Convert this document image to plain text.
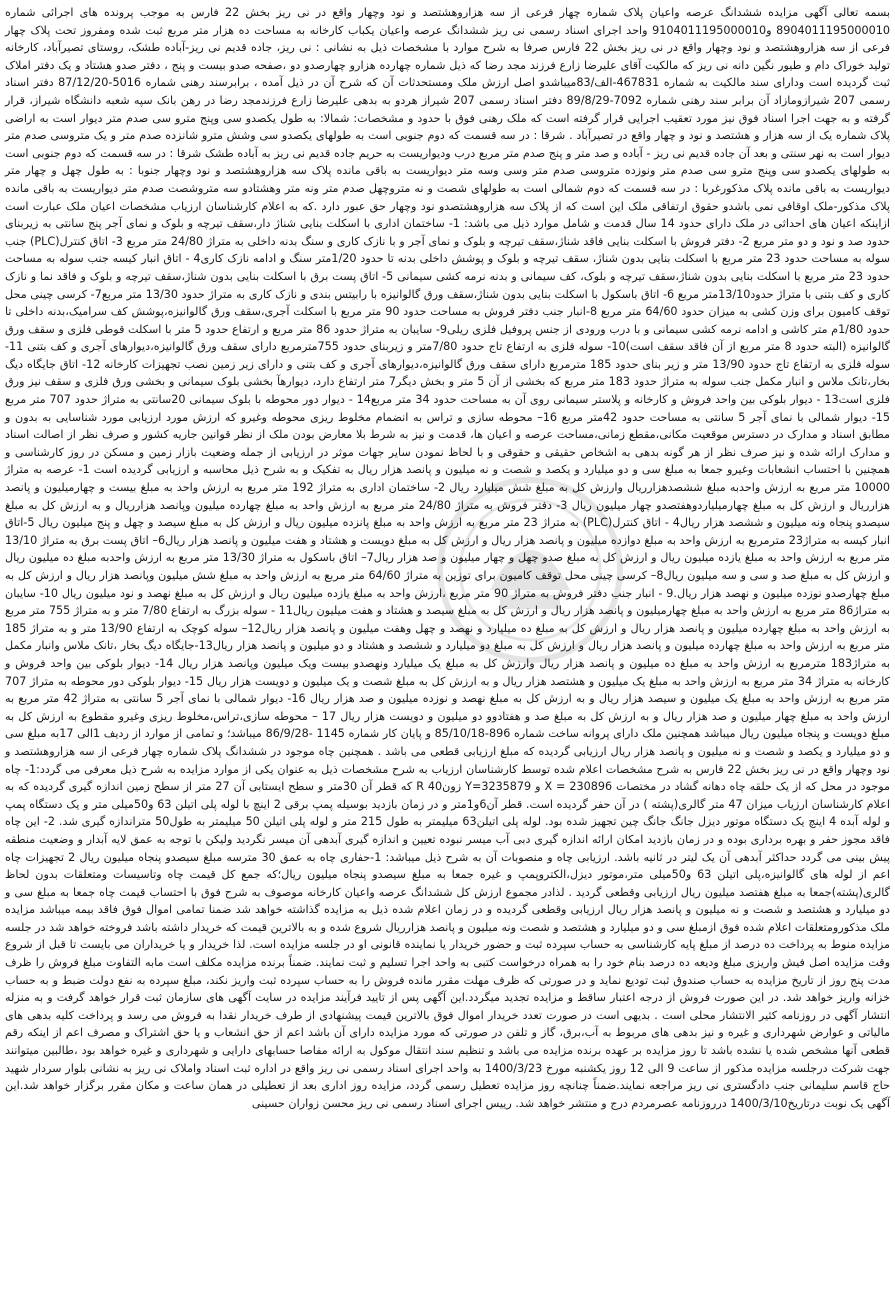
بسمه تعالی آگهی مزایده ششدانگ عرصه واعیان پلاک شماره چهار فرعی از سه هزاروهشتصد و نود وچهار واقع در نی ریز بخش 22 فارس به موجب پرونده های اجرائی شماره 8904011195000010 و9104011195000010 واحد اجرای اسناد رسمی نی ریز ششدانگ عرصه واعیان یکباب کارخانه به مساحت ده هزار متر مربع ثبت شده ومفروز تحت پلاک چهار فرعی از سه هزاروهشتصد و نود وچهار واقع در نی ریز بخش 22 فارس صرفا به شرح موارد با مشخصات ذیل به نشانی : نی ریز، جاده قدیم نی ریز-آباده طشک، روستای تصیرآباد، کارخانه تولید خوراک دام و طیور نگین دانه نی ریز که مالکیت آقای علیرضا زارع فرزند مجد رضا که ذیل شماره چهارده هزارو چهارصدو دو ،صفحه صدو بیست و پنج ، دفتر صدو هشتاد و یک دفتر املاک ثبت گردیده است ودارای سند مالکیت به شماره 467831-الف/83میباشدو اصل ارزش ملک ومستحدثات آن که شرح آن در ذیل آمده ، برابرسند رهنی شماره 5016-87/12/20 دفتر اسناد رسمی 207 شیرازومازاد آن برابر سند رهنی شماره 7092-89/8/29 دفتر اسناد رسمی 207 شیراز هردو به بدهی علیرضا زارع فرزندمجد رضا در رهن بانک سپه شعبه دانشگاه شیراز، قرار گرفته و به جهت اجرا اسناد فوق نیز مورد تعقیب اجرایی قرار گرفته است که ملک رهنی فوق با حدود و مشخصات: شمالا: به طول یکصدو سی وپنج مترو سی صدم متر دیوار است به اراضی پلاک شماره یک از سه هزار و هشتصد و نود و چهار واقع در تصیرآباد . شرقا : در سه قسمت که دوم جنوبی است به طولهای یکصدو سی وشش مترو شانزده صدم متر و یک متروسی صدم متر دیوار است به نهر سنتی و بعد آن جاده قدیم نی ریز - آباده و صد متر و پنج صدم متر مربع درب ودیواریست به حریم جاده قدیم نی ریز به آباده طشک شرقا : در سه قسمت که دوم جنوبی است به طولهای یکصدو سی وپنج مترو سی صدم متر ونوزده متروسی صدم متر وسی وسه متر دیواریست به باقی مانده پلاک سه هزاروهشتصد و نود وچهار جنوبا : به طول چهل و چهار متر دیواریست به باقی مانده پلاک مذکورغربا : در سه قسمت که دوم شمالی است به طولهای شصت و نه متروچهل صدم متر ونه متر وهشتادو سه متروشصت صدم متر دیواریست به باقی مانده پلاک مذکور-ملک اوقافی نمی باشدو حقوق ارتفاقی ملک این است که از پلاک سه هزاروهشتصدو نود وچهار حق عبور دارد .که به اعلام کارشناسان ارزیاب مشخصات اعیان ملک عبارت است ازاینکه اعیان های احداثی در ملک دارای حدود 14 سال قدمت و شامل موارد ذیل می باشد: 1- ساختمان اداری با اسکلت بنایی شناژ دار،سقف تیرچه و بلوک و نمای آجر پنج سانتی به زیربنای حدود صد و نود و دو متر مربع 2- دفتر فروش با اسکلت بنایی فاقد شناژ،سقف تیرچه و بلوک و نمای آجر و با نازک کاری و سنگ بدنه داخلی به متراژ 24/80 متر مربع 3- اتاق کنترل(PLC) جنب سوله به مساحت حدود 23 متر مربع با اسکلت بنایی بدون شناژ، سقف تیرچه و بلوک و پوشش داخلی بدنه تا حدود 1/20متر سنگ و ادامه نازک کاری4 - اتاق انبار کیسه جنب سوله به مساحت حدود 23 متر مربع با اسکلت بنایی بدون شناژ،سقف تیرچه و بلوک، کف سیمانی و بدنه نرمه کشی سیمانی 5- اتاق پست برق با اسکلت بنایی بدون شناژ،سقف تیرچه و بلوک و فاقد نما و نازک کاری و کف بتنی با متراژ حدود13/10متر مربع 6- اتاق باسکول با اسکلت بنایی بدون شناژ،سقف ورق گالوانیزه با رابیتس بندی و نازک کاری به متراژ حدود 13/30 متر مربع7- کرسی چینی محل توقف کامیون برای وزن کشی به میزان حدود 64/60 متر مربع 8-انبار جنب دفتر فروش به مساحت حدود 90 متر مربع با اسکلت آجری،سقف ورق گالوانیزه،پوشش کف سرامیک،بدنه داخلی تا حدود 1/80م متر کاشی و ادامه نرمه کشی سیمانی و با درب ورودی از جنس پروفیل فلزی ریلی9- سایبان به متراژ حدود 86 متر مربع و ارتفاع حدود 5 متر با اسکلت قوطی فلزی و سقف ورق گالوانیزه (البته حدود 8 متر مربع از آن فاقد سقف است)10- سوله فلزی به ارتفاع تاج حدود 7/80متر و زیربنای حدود 755مترمربع دارای سقف ورق گالوانیزه،دیوارهای آجری و کف بتنی 11- سوله فلزی به ارتفاع تاج حدود 13/90 متر و زیر بنای حدود 185 مترمربع دارای سقف ورق گالوانیزه،دیوارهای آجری و کف بتنی و دارای زیر زمین نصب تجهیزات کارخانه 12- اتاق جایگاه دیگ بخار،تانک ملاس و انبار مکمل جنب سوله به متراژ حدود 183 متر مربع که بخشی از آن 5 متر و بخش دیگر7 متر ارتفاع دارد، دیوارهآ بخشی بلوک سیمانی و بخشی ورق فلزی و سقف نیز ورق فلزی است13 - دیوار بلوکی بین واحد فروش و کارخانه و پلاستر سیمانی روی آن به مساحت حدود 34 متر مربع14 - دیوار دور محوطه با بلوک سیمانی 20سانتی به متراژ حدود 707 متر مربع 15- دیوار شمالی با نمای آجر 5 سانتی به مساحت حدود 42متر مربع 16– محوطه سازی و تراس به انضمام مخلوط ریزی محوطه وغیرو که ارزش مورد ارزیابی مورد شناسایی به بدون و مطابق اسناد و مدارک در دسترس موقعیت مکانی،مقطع زمانی،مساحت عرصه و اعیان ها، قدمت و نیز به شرط بلا معارض بودن ملک از نظر قوانین جاریه کشور و صرف نظر از اصالت اسناد و مدارک ارائه شده و نیز صرف نظر از هر گونه بدهی به اشخاص حقیقی و حقوقی و با لحاظ نمودن سایر جهات موثر در ارزیابی از جمله وضعیت بازار زمین و مسکن در روز کارشناسی و همچنین با احتساب انشعابات وغیرو جمعا به مبلغ سی و دو میلیارد و یکصد و شصت و نه میلیون و پانصد هزار ریال به تفکیک و به شرح ذیل محاسبه و ارزیابی گردیده است 1- عرصه به متراژ 10000 متر مربع به ارزش واحدبه مبلغ ششصدهزارریال وارزش کل به مبلغ شش میلیارد ریال 2- ساختمان اداری به متراژ 192 متر مربع به ارزش واحد به مبلغ بیست و چهارمیلیون و پانصد هزارریال و ارزش کل به مبلغ چهارمیلیاردوهفتصدو چهار میلیون ریال 3- دفتر فروش به متراژ 24/80 متر مربع به ارزش واحد به مبلغ چهارده میلیون وپانصد هزارریال و به ارزش کل به مبلغ سیصدو پنجاه ونه میلیون و ششصد هزار ریال4 - اتاق کنترل(PLC) به متراژ 23 متر مربع به ارزش واحد به مبلغ پانزده میلیون ریال و ارزش کل به مبلغ سیصد و چهل و پنج میلیون ریال 5-اتاق انبار کیسه به متراژ23 مترمربع به ارزش واحد به مبلغ دوازده میلیون و پانصد هزار ریال و ارزش کل به مبلغ دویست و هشتاد و هفت میلیون و پانصد هزار ریال6– اتاق پست برق به متراژ 13/10 متر مربع به ارزش واحد به مبلغ یازده میلیون ریال و ارزش کل به مبلغ صدو چهل و چهار میلیون و صد هزار ریال7– اتاق باسکول به متراژ 13/30 متر مربع به ارزش واحدبه مبلغ ده میلیون ریال و ارزش کل به مبلغ صد و سی و سه میلیون ریال8– کرسی چینی محل توقف کامیون برای توزین به متراژ 64/60 متر مربع به ارزش واحد به مبلغ شش میلیون وپانصد هزار ریال و ارزش کل به مبلغ چهارصدو نوزده میلیون و نهصد هزار ریال.9 - انبار جنب دفتر فروش به متراژ 90 متر مربع ،ارزش واحد به مبلغ یازده میلیون ریال و ارزش کل به مبلغ نهصد و نود میلیون ریال 10- سایبان به متراژ86 متر مربع به ارزش واحد به مبلغ چهارمیلیون و پانصد هزار ریال و ارزش کل به مبلغ سیصد و هشتاد و هفت میلیون ریال11 - سوله بزرگ به ارتفاع 7/80 متر و به متراژ 755 متر مربع به ارزش واحد به مبلغ چهارده میلیون و پانصد هزار ریال و ارزش کل به مبلغ ده میلیارد و نهصد و چهل وهفت میلیون و پانصد هزار ریال12– سوله کوچک به ارتفاع 13/90 متر و به متراژ 185 متر مربع به ارزش واحد به مبلغ چهارده میلیون و پانصد هزار ریال و ارزش کل به مبلغ دو میلیارد و ششصد و هشتاد و دو میلیون و پانصد هزار ریال13-جایگاه دیگ بخار ،تانک ملاس وانبار مکمل به متراژ183 مترمربع به ارزش واحد به مبلغ ده میلیون و پانصد هزار ریال وارزش کل به مبلغ یک میلیارد ونهصدو بیست ویک میلیون وپانصد هزار ریال 14- دیوار بلوکی بین واحد فروش و کارخانه به متراژ 34 متر مربع به ارزش واحد به مبلغ یک میلیون و هشتصد هزار ریال و به ارزش کل به مبلغ شصت و یک میلیون و دویست هزار ریال 15- دیوار بلوکی دور محوطه به متراژ 707 متر مربع به ارزش واحد به مبلغ یک میلیون و سیصد هزار ریال و به ارزش کل به مبلغ نهصد و نوزده میلیون و صد هزار ریال 16- دیوار شمالی با نمای آجر 5 سانتی به متراژ 42 متر مربع به ارزش واحد به مبلغ چهار میلیون و صد هزار ریال و به ارزش کل به مبلغ صد و هفتادوو دو میلیون و دویست هزار ریال 17 – محوطه سازی،تراس،مخلوط ریزی وغیرو مقطوع به ارزش کل به مبلغ دویست و پنجاه میلیون ریال میباشد همچنین ملک دارای پروانه ساخت شماره 896-85/10/18 و پایان کار شماره 1145 -86/9/28 میباشد؛ و تمامی از موارد از ردیف 1الی 17به مبلغ سی و دو میلیارد و یکصد و شصت و نه میلیون و پانصد هزار ریال ارزیابی گردیده که مبلغ ارزیابی قطعی می باشد . همچنین چاه موجود در ششدانگ پلاک شماره چهار فرعی از سه هزاروهشتصد و نود وچهار واقع در نی ریز بخش 22 فارس به شرح مشخصات اعلام شده توسط کارشناسان ارزیاب به شرح مشخصات ذیل به عنوان یکی از موارد مزایده به شرح ذیل معرفی می گردد:1- چاه موجود در محل که از یک حلقه چاه دهانه گشاد در مختصات 230896 = X و 3235879=Y زونR 40 که قطر آن 30متر و سطح ایستابی آن 27 متر از سطح زمین اندازه گیری گردیده که به اعلام کارشناسان ارزیاب میزان 47 متر گالری(پشته ) در آن حفر گردیده است. قطر آن6و1متر و در زمان بازدید بوسیله پمپ برقی 2 اینچ با لوله پلی اتیلن 63 و50میلی متر و یک دستگاه پمپ و لوله آبده 4 اینچ یک دستگاه موتور دیزل جانگ جانگ چین تجهیز شده بود. لوله پلی اتیلن63 میلیمتر به طول 215 متر و لوله پلی اتیلن 50 میلیمتر به طول50 متراندازه گیری شد. 2- این چاه فاقد مجوز حفر و بهره برداری بوده و در زمان بازدید امکان ارائه اندازه گیری دبی آب میسر نبوده تعیین و اندازه گیری آبدهی آن میسر نگردید ولیکن با توجه به عمق لایه آبدار و وضعیت منطقه پیش بینی می گردد حداکثر آبدهی آن یک لیتر در ثانیه باشد. ارزیابی چاه و منصوبات آن به شرح ذیل میباشد: 1-حفاری چاه به عمق 30 مترسه مبلغ سیصدو پنجاه میلیون ریال 2 تجهیزات چاه اعم از لوله های گالوانیزه،پلی اتیلن 63 و50میلی متر،موتور دیزل،الکتروپمپ و غیره جمعا به مبلغ سیصدو پنجاه میلیون ریال؛که جمع کل قیمت چاه وتاسیسات ومتعلقات بدون لحاظ گالری(پشته)جمعا به مبلغ هفتصد میلیون ریال ارزیابی وقطعی گردید . لذادر مجموع ارزش کل ششدانگ عرصه واعیان کارخانه موصوف به شرح فوق با احتساب قیمت چاه جمعا به مبلغ سی و دو میلیارد و هشتصد و شصت و نه میلیون و پانصد هزار ریال ارزیابی وقطعی گردیده و در زمان اعلام شده ذیل به مزایده گذاشته خواهد شد ضمنا تمامی اموال فوق فاقد بیمه میباشد مزایده ملک مذکورومتعلقات اعلام شده فوق ازمبلغ سی و دو میلیارد و هشتصد و شصت ونه میلیون و پانصد هزارریال شروع شده و به بالاترین قیمت که خریدار داشته باشد فروخته خواهد شد در جلسه مزایده منوط به پرداخت ده درصد از مبلغ پایه کارشناسی به حساب سپرده ثبت و حضور خریدار یا نماینده قانونی او در جلسه مزایده است. لذا خریدار و یا خریداران می بایست تا قبل از شروع وقت مزایده اصل فیش واریزی مبلغ ودیعه ده درصد بنام خود را به همراه درخواست کتبی به واحد اجرا تسلیم و ثبت نمایند. ضمناً برنده مزایده مکلف است مابه التفاوت مبلغ فروش را ظرف مدت پنج روز از تاریخ مزایده به حساب صندوق ثبت تودیع نماید و در صورتی که ظرف مهلت مقرر مانده فروش را به حساب سپرده ثبت واریز نکند، مبلغ سپرده به نفع دولت ضبط و به حساب خزانه واریز خواهد شد. در این صورت فروش از درجه اعتبار ساقط و مزایده تجدید میگردد.این آگهی پس از تایید فرآیند مزایده در سایت آگهی های سازمان ثبت قرار خواهد گرفت و به منزله انتشار آگهی در روزنامه کثیر الانتشار محلی است . بدیهی است در صورت تعدد خریدار اموال فوق بالاترین قیمت پیشنهادی از طرف خریدار نقدا به فروش می رسد و پرداخت کلیه بدهی های مالیاتی و عوارض شهرداری و غیره و نیز بدهی های مربوط به آب،برق، گاز و تلفن در صورتی که مورد مزایده دارای آن باشد اعم از حق انشعاب و یا حق اشتراک و مصرف اعم از اینکه رقم قطعی آنها مشخص شده یا نشده باشد تا روز مزایده بر عهده برنده مزایده می باشد و تنظیم سند انتقال موکول به ارائه مفاصا حسابهای دارایی و شهرداری و غیره خواهد بود ،طالبین میتوانند جهت شرکت درجلسه مزایده مذکور از ساعت 9 الی 12 روز یکشنبه مورخ 1400/3/23 به واحد اجرای اسناد رسمی نی ریز واقع در اداره ثبت اسناد واملاک نی ریز به نشانی بلوار سردار شهید حاج قاسم سلیمانی جنب دادگستری نی ریز مراجعه نمایند.ضمناً چنانچه روز مزایده تعطیل رسمی گردد، مزایده روز اداری بعد از تعطیلی در همان ساعت و مکان مقرر برگزار خواهد شد.این آگهی یک نوبت درتاریخ1400/3/10 درروزنامه عصرمردم درج و منتشر خواهد شد. رییس اجرای اسناد رسمی نی ریز محسن زواران حسینی
